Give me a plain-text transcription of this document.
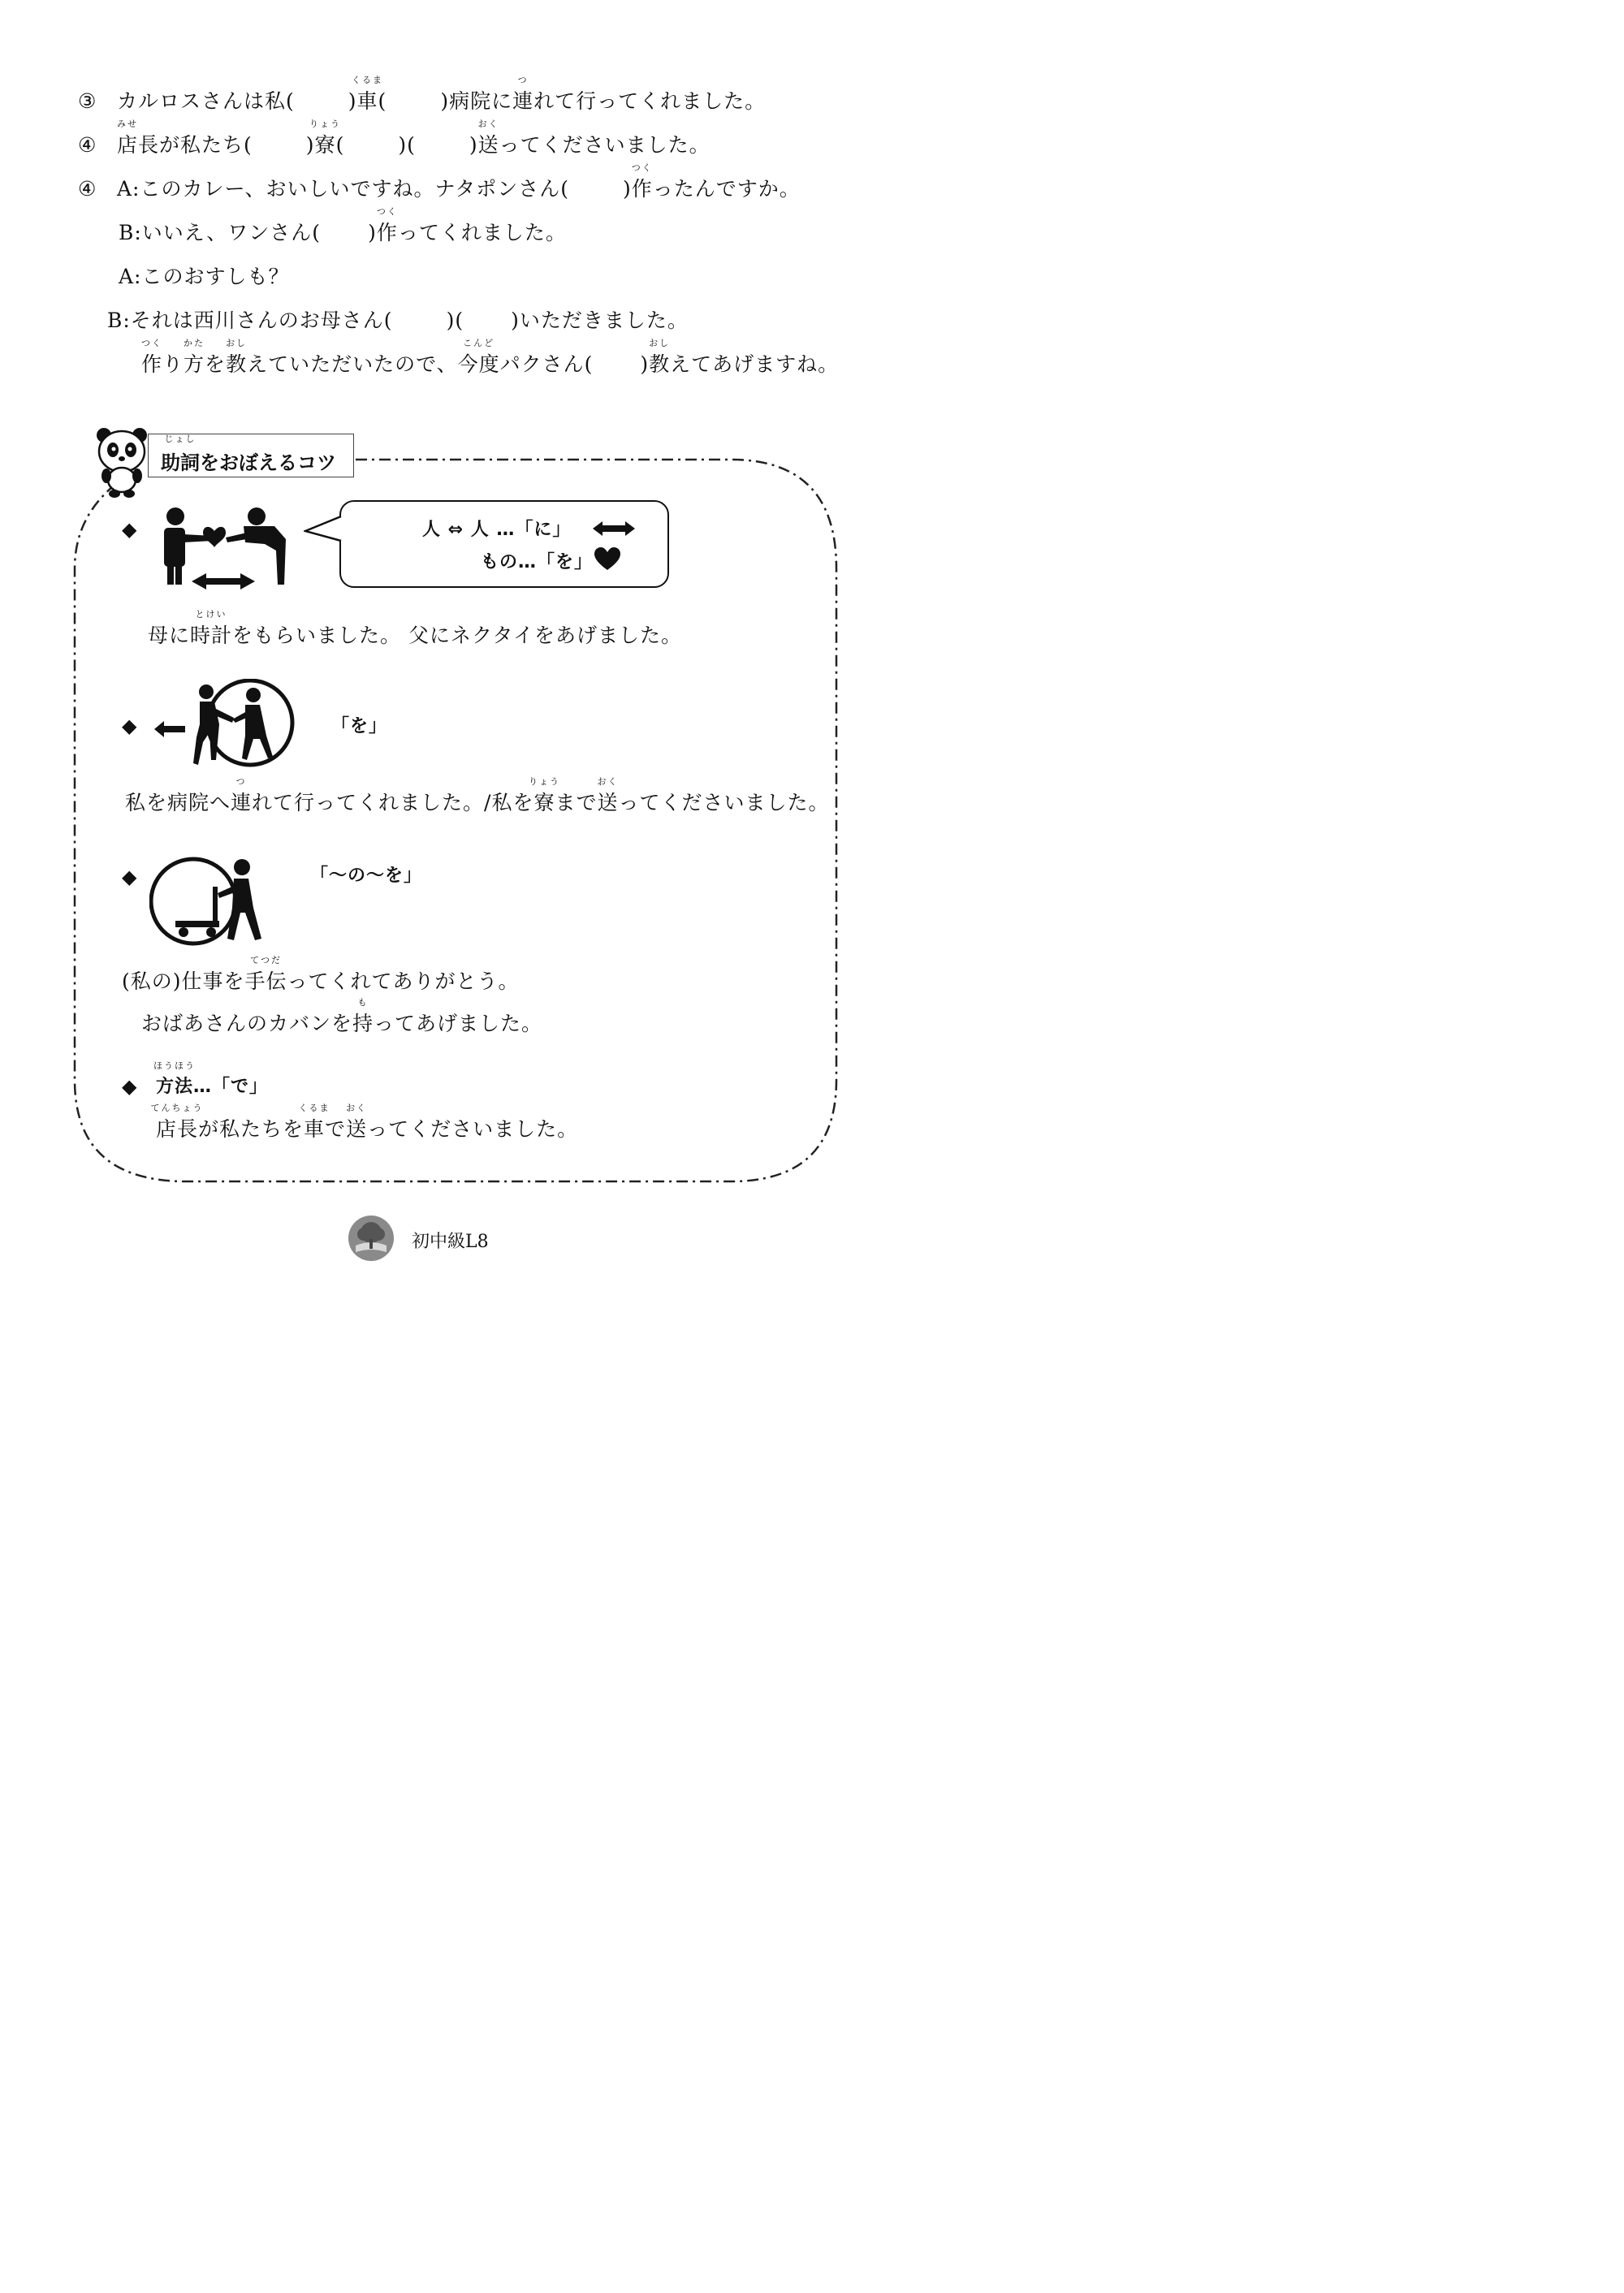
③ カルロスさんは私(	)車
くるま
(	)病院に連
つ
れて行ってくれました。
④ 店
みせ
長が私たち(	)寮
りょう
(	)(	)送
おく
ってくださいました。
④ A:このカレー、おいしいですね。ナタポンさん(	)作
つく
ったんですか。
B:いいえ、ワンさん( )作
つく
ってくれました。
A:このおすしも？
B:それは西川さんのお母さん(	)( )いただきました。
作
つく
り方
かた
を教
おし
えていただいたので、今度
こんど
パクさん( )教
おし
えてあげますね。
助詞
じょし
をおぼえるコツ
◆	人 ⇔ 人 …「に」
もの…「を」
母に時計
とけい
をもらいました。 父にネクタイをあげました。
◆	「を」
私を病院へ連
つ
れて行ってくれました。/私を寮
りょう
まで送
おく
ってくださいました。
◆	「～の～を」
(私の)仕事を手伝
てつだ
ってくれてありがとう。
おばあさんのカバンを持
も
ってあげました。
◆ 方法
ほうほう
…「で」
店長
てんちょう
が私たちを車
くるま
で送
おく
ってくださいました。
初中級L8
